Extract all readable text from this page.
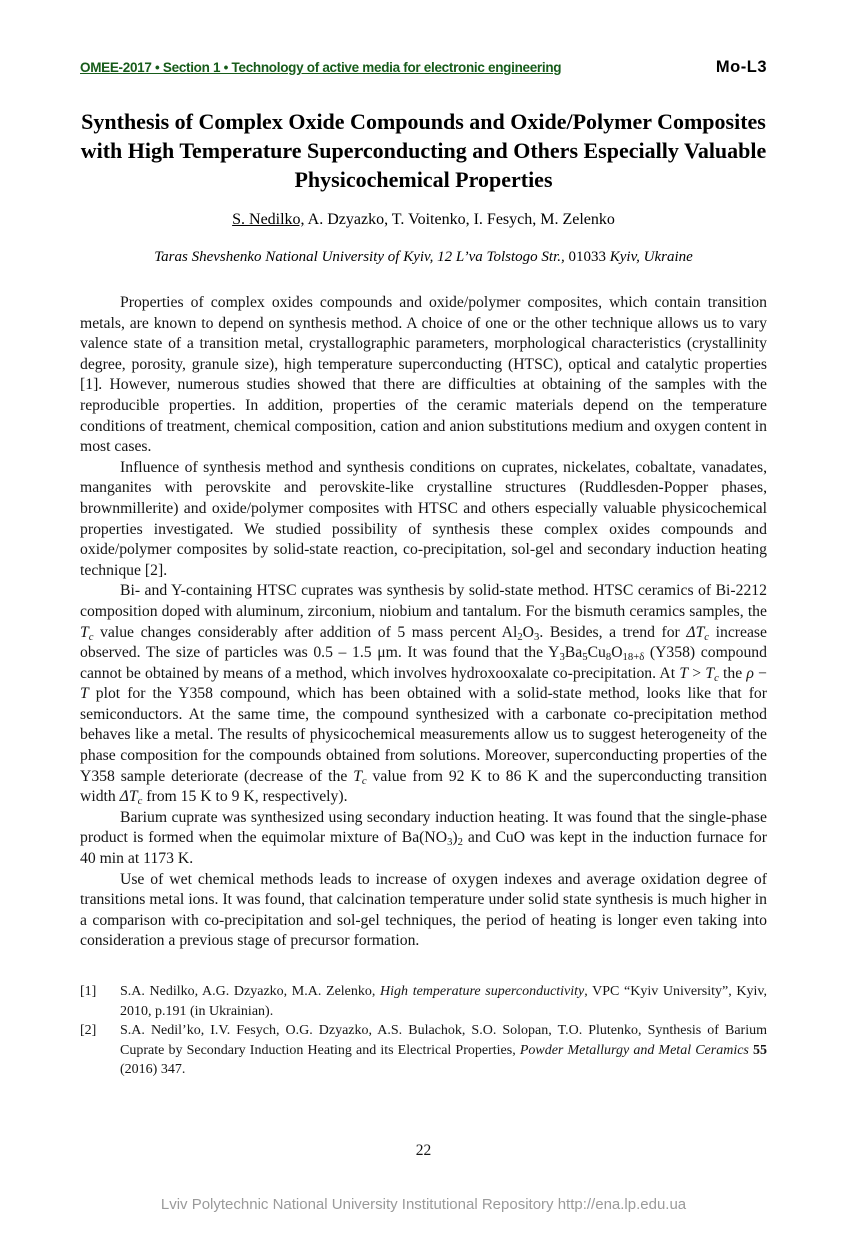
OMEE-2017 • Section 1 • Technology of active media for electronic engineering	Mo-L3
Synthesis of Complex Oxide Compounds and Oxide/Polymer Composites with High Temperature Superconducting and Others Especially Valuable Physicochemical Properties
S. Nedilko, A. Dzyazko, T. Voitenko, I. Fesych, M. Zelenko
Taras Shevshenko National University of Kyiv, 12 L’va Tolstogo Str., 01033 Kyiv, Ukraine

Properties of complex oxides compounds and oxide/polymer composites, which contain transition metals, are known to depend on synthesis method. A choice of one or the other technique allows us to vary valence state of a transition metal, crystallographic parameters, morphological characteristics (crystallinity degree, porosity, granule size), high temperature superconducting (HTSC), optical and catalytic properties [1]. However, numerous studies showed that there are difficulties at obtaining of the samples with the reproducible properties. In addition, properties of the ceramic materials depend on the temperature conditions of treatment, chemical composition, cation and anion substitutions medium and oxygen content in most cases.

Influence of synthesis method and synthesis conditions on cuprates, nickelates, cobaltate, vanadates, manganites with perovskite and perovskite-like crystalline structures (Ruddlesden-Popper phases, brownmillerite) and oxide/polymer composites with HTSC and others especially valuable physicochemical properties investigated. We studied possibility of synthesis these complex oxides compounds and oxide/polymer composites by solid-state reaction, co-precipitation, sol-gel and secondary induction heating technique [2].

Bi- and Y-containing HTSC cuprates was synthesis by solid-state method. HTSC ceramics of Bi-2212 composition doped with aluminum, zirconium, niobium and tantalum. For the bismuth ceramics samples, the Tc value changes considerably after addition of 5 mass percent Al2O3. Besides, a trend for ΔTc increase observed. The size of particles was 0.5 – 1.5 μm. It was found that the Y3Ba5Cu8O18+δ (Y358) compound cannot be obtained by means of a method, which involves hydroxooxalate co-precipitation. At T > Tc the ρ − T plot for the Y358 compound, which has been obtained with a solid-state method, looks like that for semiconductors. At the same time, the compound synthesized with a carbonate co-precipitation method behaves like a metal. The results of physicochemical measurements allow us to suggest heterogeneity of the phase composition for the compounds obtained from solutions. Moreover, superconducting properties of the Y358 sample deteriorate (decrease of the Tc value from 92 K to 86 K and the superconducting transition width ΔTc from 15 K to 9 K, respectively).

Barium cuprate was synthesized using secondary induction heating. It was found that the single-phase product is formed when the equimolar mixture of Ba(NO3)2 and CuO was kept in the induction furnace for 40 min at 1173 K.

Use of wet chemical methods leads to increase of oxygen indexes and average oxidation degree of transitions metal ions. It was found, that calcination temperature under solid state synthesis is much higher in a comparison with co-precipitation and sol-gel techniques, the period of heating is longer even taking into consideration a previous stage of precursor formation.

[1]	S.A. Nedilko, A.G. Dzyazko, M.A. Zelenko, High temperature superconductivity, VPC “Kyiv University”, Kyiv, 2010, p.191 (in Ukrainian).
[2]	S.A. Nedil’ko, I.V. Fesych, O.G. Dzyazko, A.S. Bulachok, S.O. Solopan, T.O. Plutenko, Synthesis of Barium Cuprate by Secondary Induction Heating and its Electrical Properties, Powder Metallurgy and Metal Ceramics 55 (2016) 347.
22
Lviv Polytechnic National University Institutional Repository http://ena.lp.edu.ua
